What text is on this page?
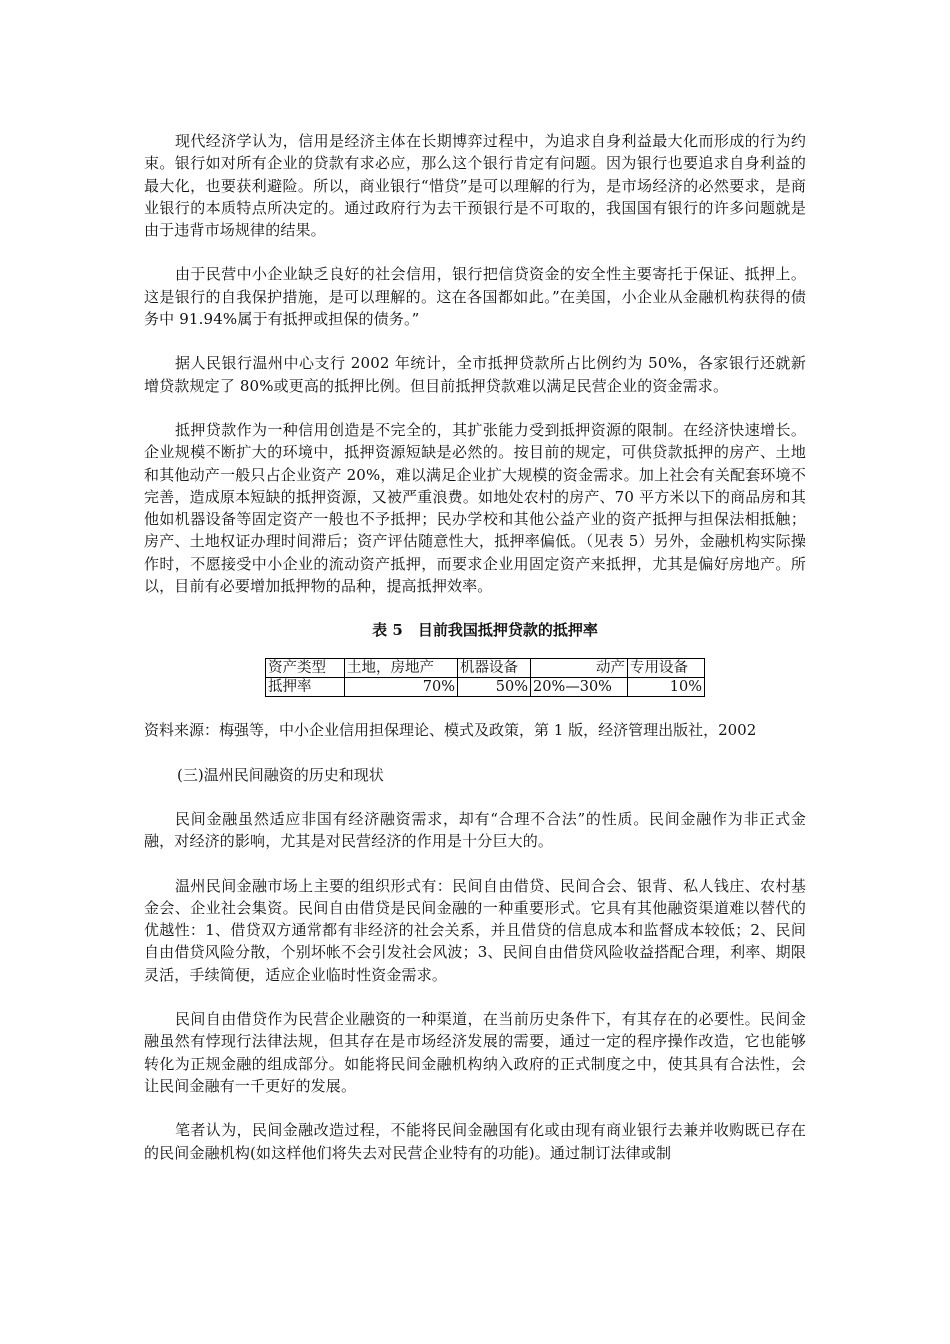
现代经济学认为，信用是经济主体在长期博弈过程中，为追求自身利益最大化而形成的行为约束。银行如对所有企业的贷款有求必应，那么这个银行肯定有问题。因为银行也要追求自身利益的最大化，也要获利避险。所以，商业银行“惜贷”是可以理解的行为，是市场经济的必然要求，是商业银行的本质特点所决定的。通过政府行为去干预银行是不可取的，我国国有银行的许多问题就是由于违背市场规律的结果。

由于民营中小企业缺乏良好的社会信用，银行把信贷资金的安全性主要寄托于保证、抵押上。这是银行的自我保护措施，是可以理解的。这在各国都如此。”在美国，小企业从金融机构获得的债务中 91.94%属于有抵押或担保的债务。”

据人民银行温州中心支行 2002 年统计，全市抵押贷款所占比例约为 50%，各家银行还就新增贷款规定了 80%或更高的抵押比例。但目前抵押贷款难以满足民营企业的资金需求。

抵押贷款作为一种信用创造是不完全的，其扩张能力受到抵押资源的限制。在经济快速增长。企业规模不断扩大的环境中，抵押资源短缺是必然的。按目前的规定，可供贷款抵押的房产、土地和其他动产一般只占企业资产 20%，难以满足企业扩大规模的资金需求。加上社会有关配套环境不完善，造成原本短缺的抵押资源，又被严重浪费。如地处农村的房产、70 平方米以下的商品房和其他如机器设备等固定资产一般也不予抵押；民办学校和其他公益产业的资产抵押与担保法相抵触；房产、土地权证办理时间滞后；资产评估随意性大，抵押率偏低。（见表 5）另外，金融机构实际操作时，不愿接受中小企业的流动资产抵押，而要求企业用固定资产来抵押，尤其是偏好房地产。所以，目前有必要增加抵押物的品种，提高抵押效率。

表 5　目前我国抵押贷款的抵押率

资产类型	土地，房地产	机器设备	动产	专用设备
抵押率	70%	50%	20%—30%	10%

资料来源：梅强等，中小企业信用担保理论、模式及政策，第 1 版，经济管理出版社，2002

(三)温州民间融资的历史和现状

民间金融虽然适应非国有经济融资需求，却有“合理不合法”的性质。民间金融作为非正式金融，对经济的影响，尤其是对民营经济的作用是十分巨大的。

温州民间金融市场上主要的组织形式有：民间自由借贷、民间合会、银背、私人钱庄、农村基金会、企业社会集资。民间自由借贷是民间金融的一种重要形式。它具有其他融资渠道难以替代的优越性：1、借贷双方通常都有非经济的社会关系，并且借贷的信息成本和监督成本较低；2、民间自由借贷风险分散，个别坏帐不会引发社会风波；3、民间自由借贷风险收益搭配合理，利率、期限灵活，手续简便，适应企业临时性资金需求。

民间自由借贷作为民营企业融资的一种渠道，在当前历史条件下，有其存在的必要性。民间金融虽然有悖现行法律法规，但其存在是市场经济发展的需要，通过一定的程序操作改造，它也能够转化为正规金融的组成部分。如能将民间金融机构纳入政府的正式制度之中，使其具有合法性，会让民间金融有一千更好的发展。

笔者认为，民间金融改造过程，不能将民间金融国有化或由现有商业银行去兼并收购既已存在的民间金融机构(如这样他们将失去对民营企业特有的功能)。通过制订法律或制
